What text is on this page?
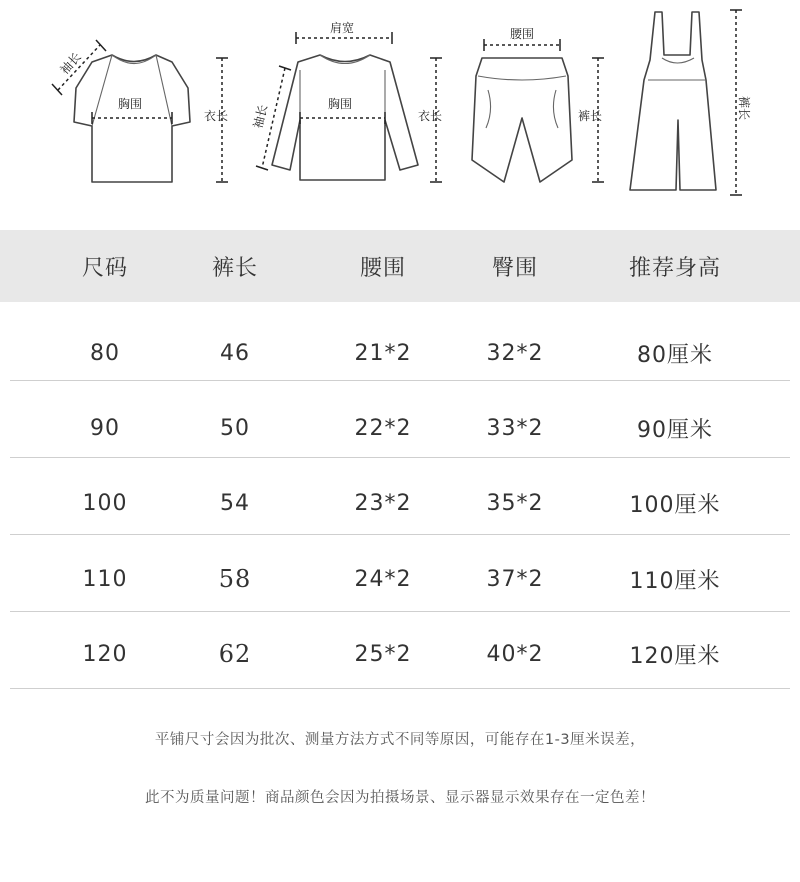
袖长
胸围
衣长
肩宽
袖长	胸围
衣长
腰围
裤长	裤长
尺码	裤长	腰围	臀围	推荐身高
80	46	21*2	32*2	80厘米
90	50	22*2	33*2	90厘米
100	54	23*2	35*2	100厘米
110	58	24*2	37*2	110厘米
120	62	25*2	40*2	120厘米
平铺尺寸会因为批次、测量方法方式不同等原因，可能存在1-3厘米误差，
此不为质量问题！商品颜色会因为拍摄场景、显示器显示效果存在一定色差！
